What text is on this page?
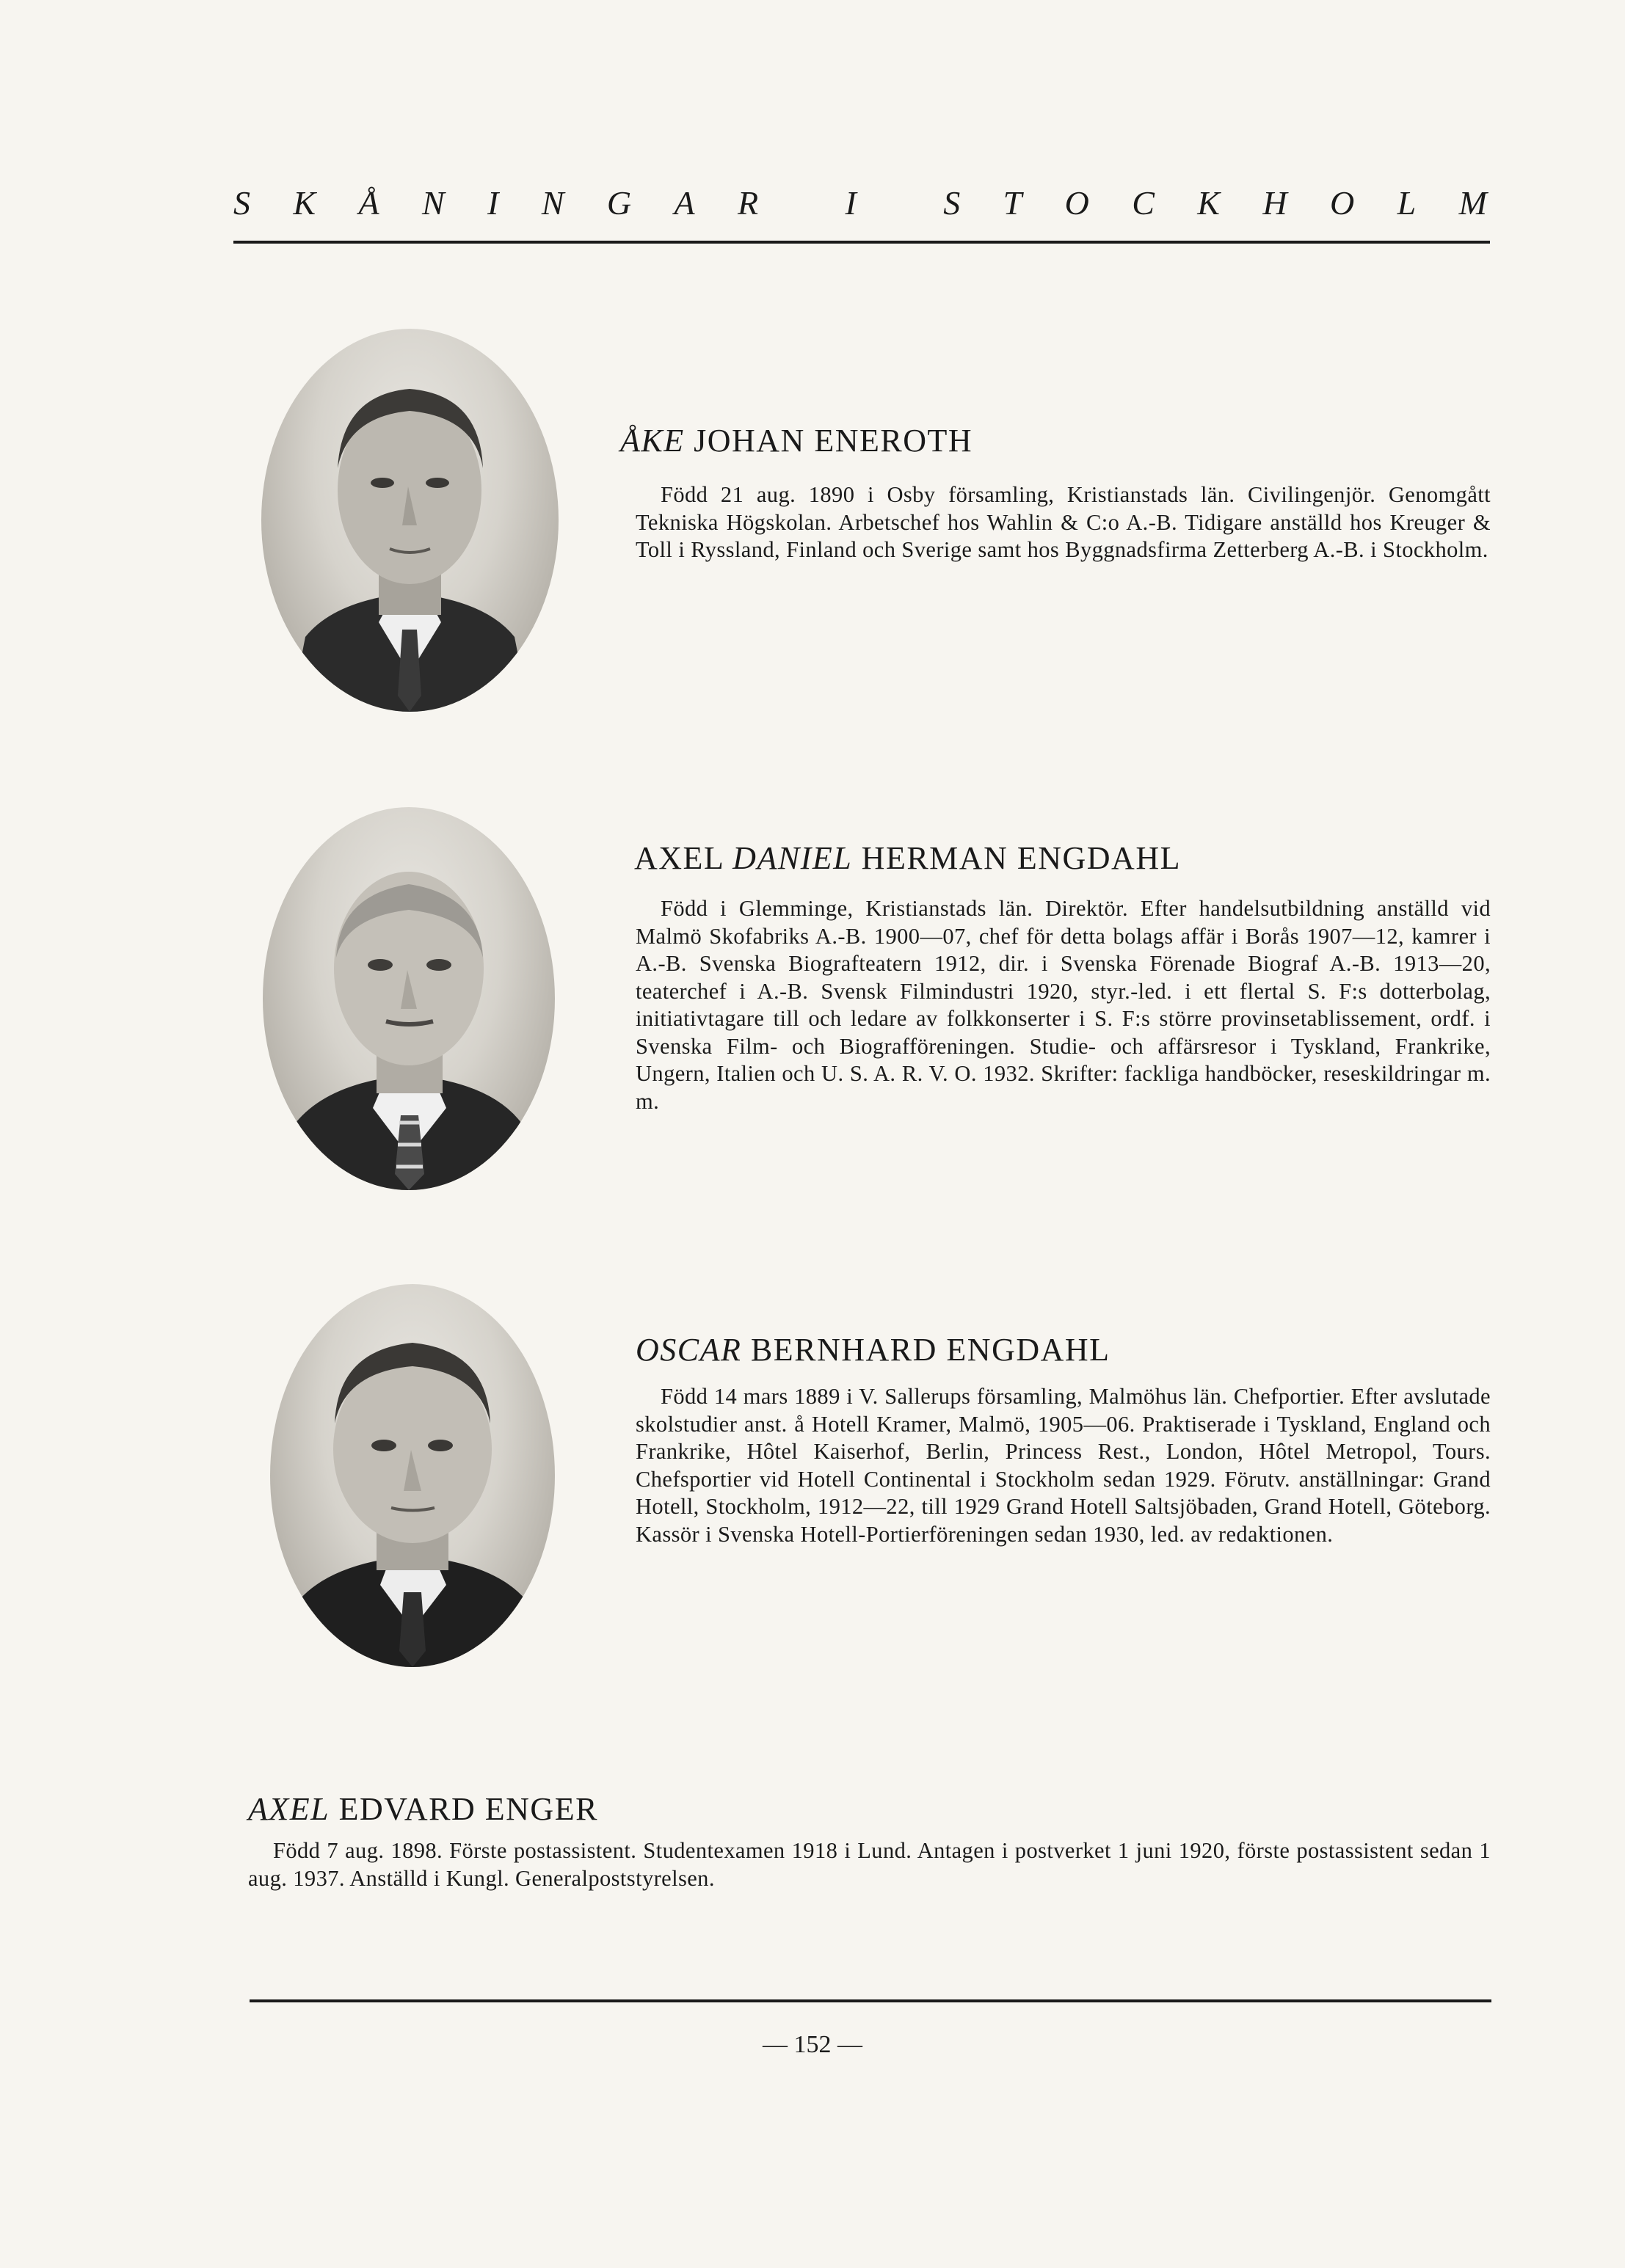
S K Å N I N G A R	I	S T O C K H O L M
ÅKE JOHAN ENEROTH
Född 21 aug. 1890 i Osby församling, Kristianstads län. Civilingenjör. Genomgått Tekniska Högskolan. Arbetschef hos Wahlin & C:o A.-B. Tidigare anställd hos Kreuger & Toll i Ryssland, Finland och Sverige samt hos Byggnadsfirma Zetterberg A.-B. i Stockholm.
AXEL DANIEL HERMAN ENGDAHL
Född i Glemminge, Kristianstads län. Direktör. Efter handelsutbildning anställd vid Malmö Skofabriks A.-B. 1900—07, chef för detta bolags affär i Borås 1907—12, kamrer i A.-B. Svenska Biografteatern 1912, dir. i Svenska Förenade Biograf A.-B. 1913—20, teaterchef i A.-B. Svensk Filmindustri 1920, styr.-led. i ett flertal S. F:s dotterbolag, initiativtagare till och ledare av folkkonserter i S. F:s större provinsetablissement, ordf. i Svenska Film- och Biografföreningen. Studie- och affärsresor i Tyskland, Frankrike, Ungern, Italien och U. S. A. R. V. O. 1932. Skrifter: fackliga handböcker, reseskildringar m. m.
OSCAR BERNHARD ENGDAHL
Född 14 mars 1889 i V. Sallerups församling, Malmöhus län. Chefportier. Efter avslutade skolstudier anst. å Hotell Kramer, Malmö, 1905—06. Praktiserade i Tyskland, England och Frankrike, Hôtel Kaiserhof, Berlin, Princess Rest., London, Hôtel Metropol, Tours. Chefsportier vid Hotell Continental i Stockholm sedan 1929. Förutv. anställningar: Grand Hotell, Stockholm, 1912—22, till 1929 Grand Hotell Saltsjöbaden, Grand Hotell, Göteborg. Kassör i Svenska Hotell-Portierföreningen sedan 1930, led. av redaktionen.
AXEL EDVARD ENGER
Född 7 aug. 1898. Förste postassistent. Studentexamen 1918 i Lund. Antagen i postverket 1 juni 1920, förste postassistent sedan 1 aug. 1937. Anställd i Kungl. Generalpoststyrelsen.
— 152 —
